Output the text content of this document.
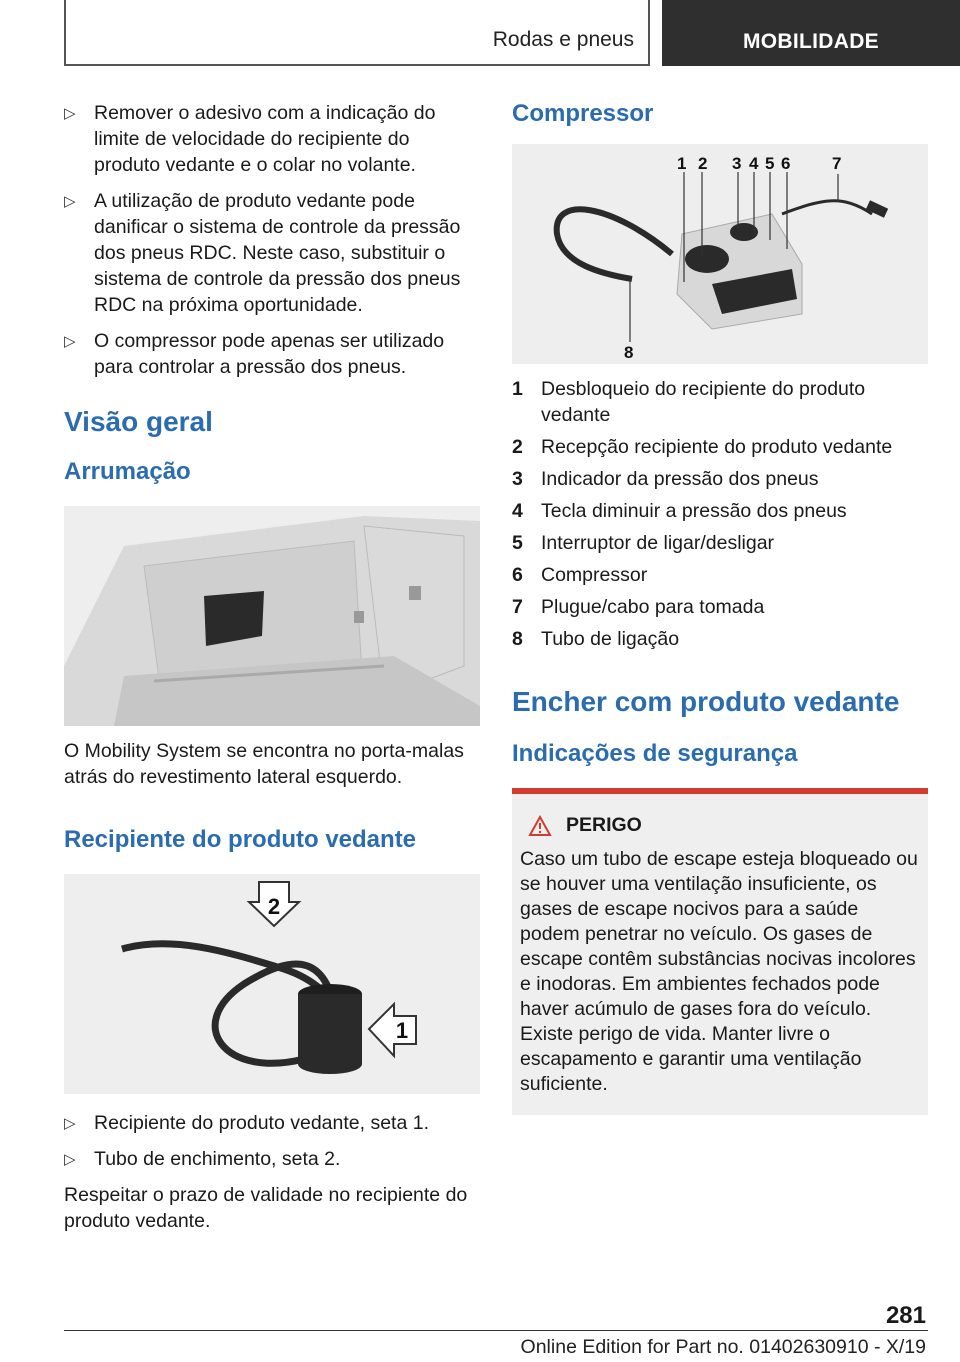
Rodas e pneus	MOBILIDADE
▷ Remover o adesivo com a indicação do limite de velocidade do recipiente do produto vedante e o colar no volante.
▷ A utilização de produto vedante pode danificar o sistema de controle da pressão dos pneus RDC. Neste caso, substituir o sistema de controle da pressão dos pneus RDC na próxima oportunidade.
▷ O compressor pode apenas ser utilizado para controlar a pressão dos pneus.
Visão geral
Arrumação

O Mobility System se encontra no porta-malas atrás do revestimento lateral esquerdo.

Recipiente do produto vedante
2
1
▷ Recipiente do produto vedante, seta 1.
▷ Tubo de enchimento, seta 2.

Respeitar o prazo de validade no recipiente do produto vedante.

Compressor
1 2 3 4 5 6 7
8
1 Desbloqueio do recipiente do produto vedante
2 Recepção recipiente do produto vedante
3 Indicador da pressão dos pneus
4 Tecla diminuir a pressão dos pneus
5 Interruptor de ligar/desligar
6 Compressor
7 Plugue/cabo para tomada
8 Tubo de ligação
Encher com produto vedante
Indicações de segurança
PERIGO

Caso um tubo de escape esteja bloqueado ou se houver uma ventilação insuficiente, os gases de escape nocivos para a saúde podem penetrar no veículo. Os gases de escape contêm substâncias nocivas incolores e inodoras. Em ambientes fechados pode haver acúmulo de gases fora do veículo. Existe perigo de vida. Manter livre o escapamento e garantir uma ventilação suficiente.

281
Online Edition for Part no. 01402630910 - X/19
